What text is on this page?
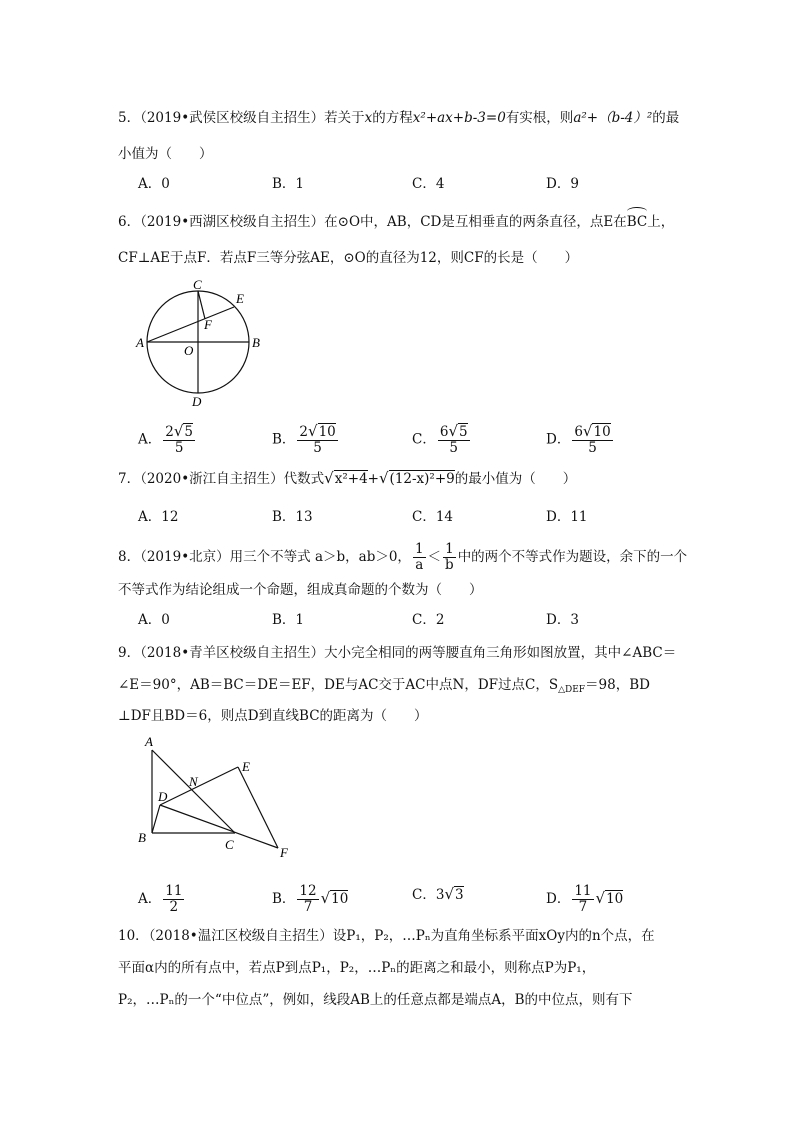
5．（2019•武侯区校级自主招生）若关于x的方程x²+ax+b-3=0有实根，则a²+（b-4）²的最
小值为（　　）
A．0	B．1	C．4	D．9
6．（2019•西湖区校级自主招生）在⊙O中，AB，CD是互相垂直的两条直径，点E在BC上，
CF⊥AE于点F．若点F三等分弦AE，⊙O的直径为12，则CF的长是（　　）
C
E
F
A
O
B
D
A． $\frac{2√5}{5}$	B． $\frac{2√10}{5}$	C． $\frac{6√5}{5}$	D． $\frac{6√10}{5}$
7．（2020•浙江自主招生）代数式√x²+4+√(12-x)²+9的最小值为（　　）
A．12	B．13	C．14	D．11
8．（2019•北京）用三个不等式 a＞b，ab＞0， $\frac{1}{a} < \frac{1}{b}$ 中的两个不等式作为题设，余下的一个
不等式作为结论组成一个命题，组成真命题的个数为（　　）
A．0	B．1	C．2	D．3
9．（2018•青羊区校级自主招生）大小完全相同的两等腰直角三角形如图放置，其中∠ABC＝
∠E＝90°，AB＝BC＝DE＝EF，DE与AC交于AC中点N，DF过点C，$S_{\triangle DEF}=98$，BD
⊥DF且BD＝6，则点D到直线BC的距离为（　　）
A
N
E
D
B	C
F
A． $\frac{11}{2}$	B． $\frac{12}{7} √10$	C．3√3	D． $\frac{11}{7} √10$
10．（2018•温江区校级自主招生）设P₁，P₂，…Pₙ为直角坐标系平面xOy内的n个点，在
平面α内的所有点中，若点P到点P₁，P₂，…Pₙ的距离之和最小，则称点P为P₁，
P₂，…Pₙ的一个“中位点”，例如，线段AB上的任意点都是端点A，B的中位点，则有下
